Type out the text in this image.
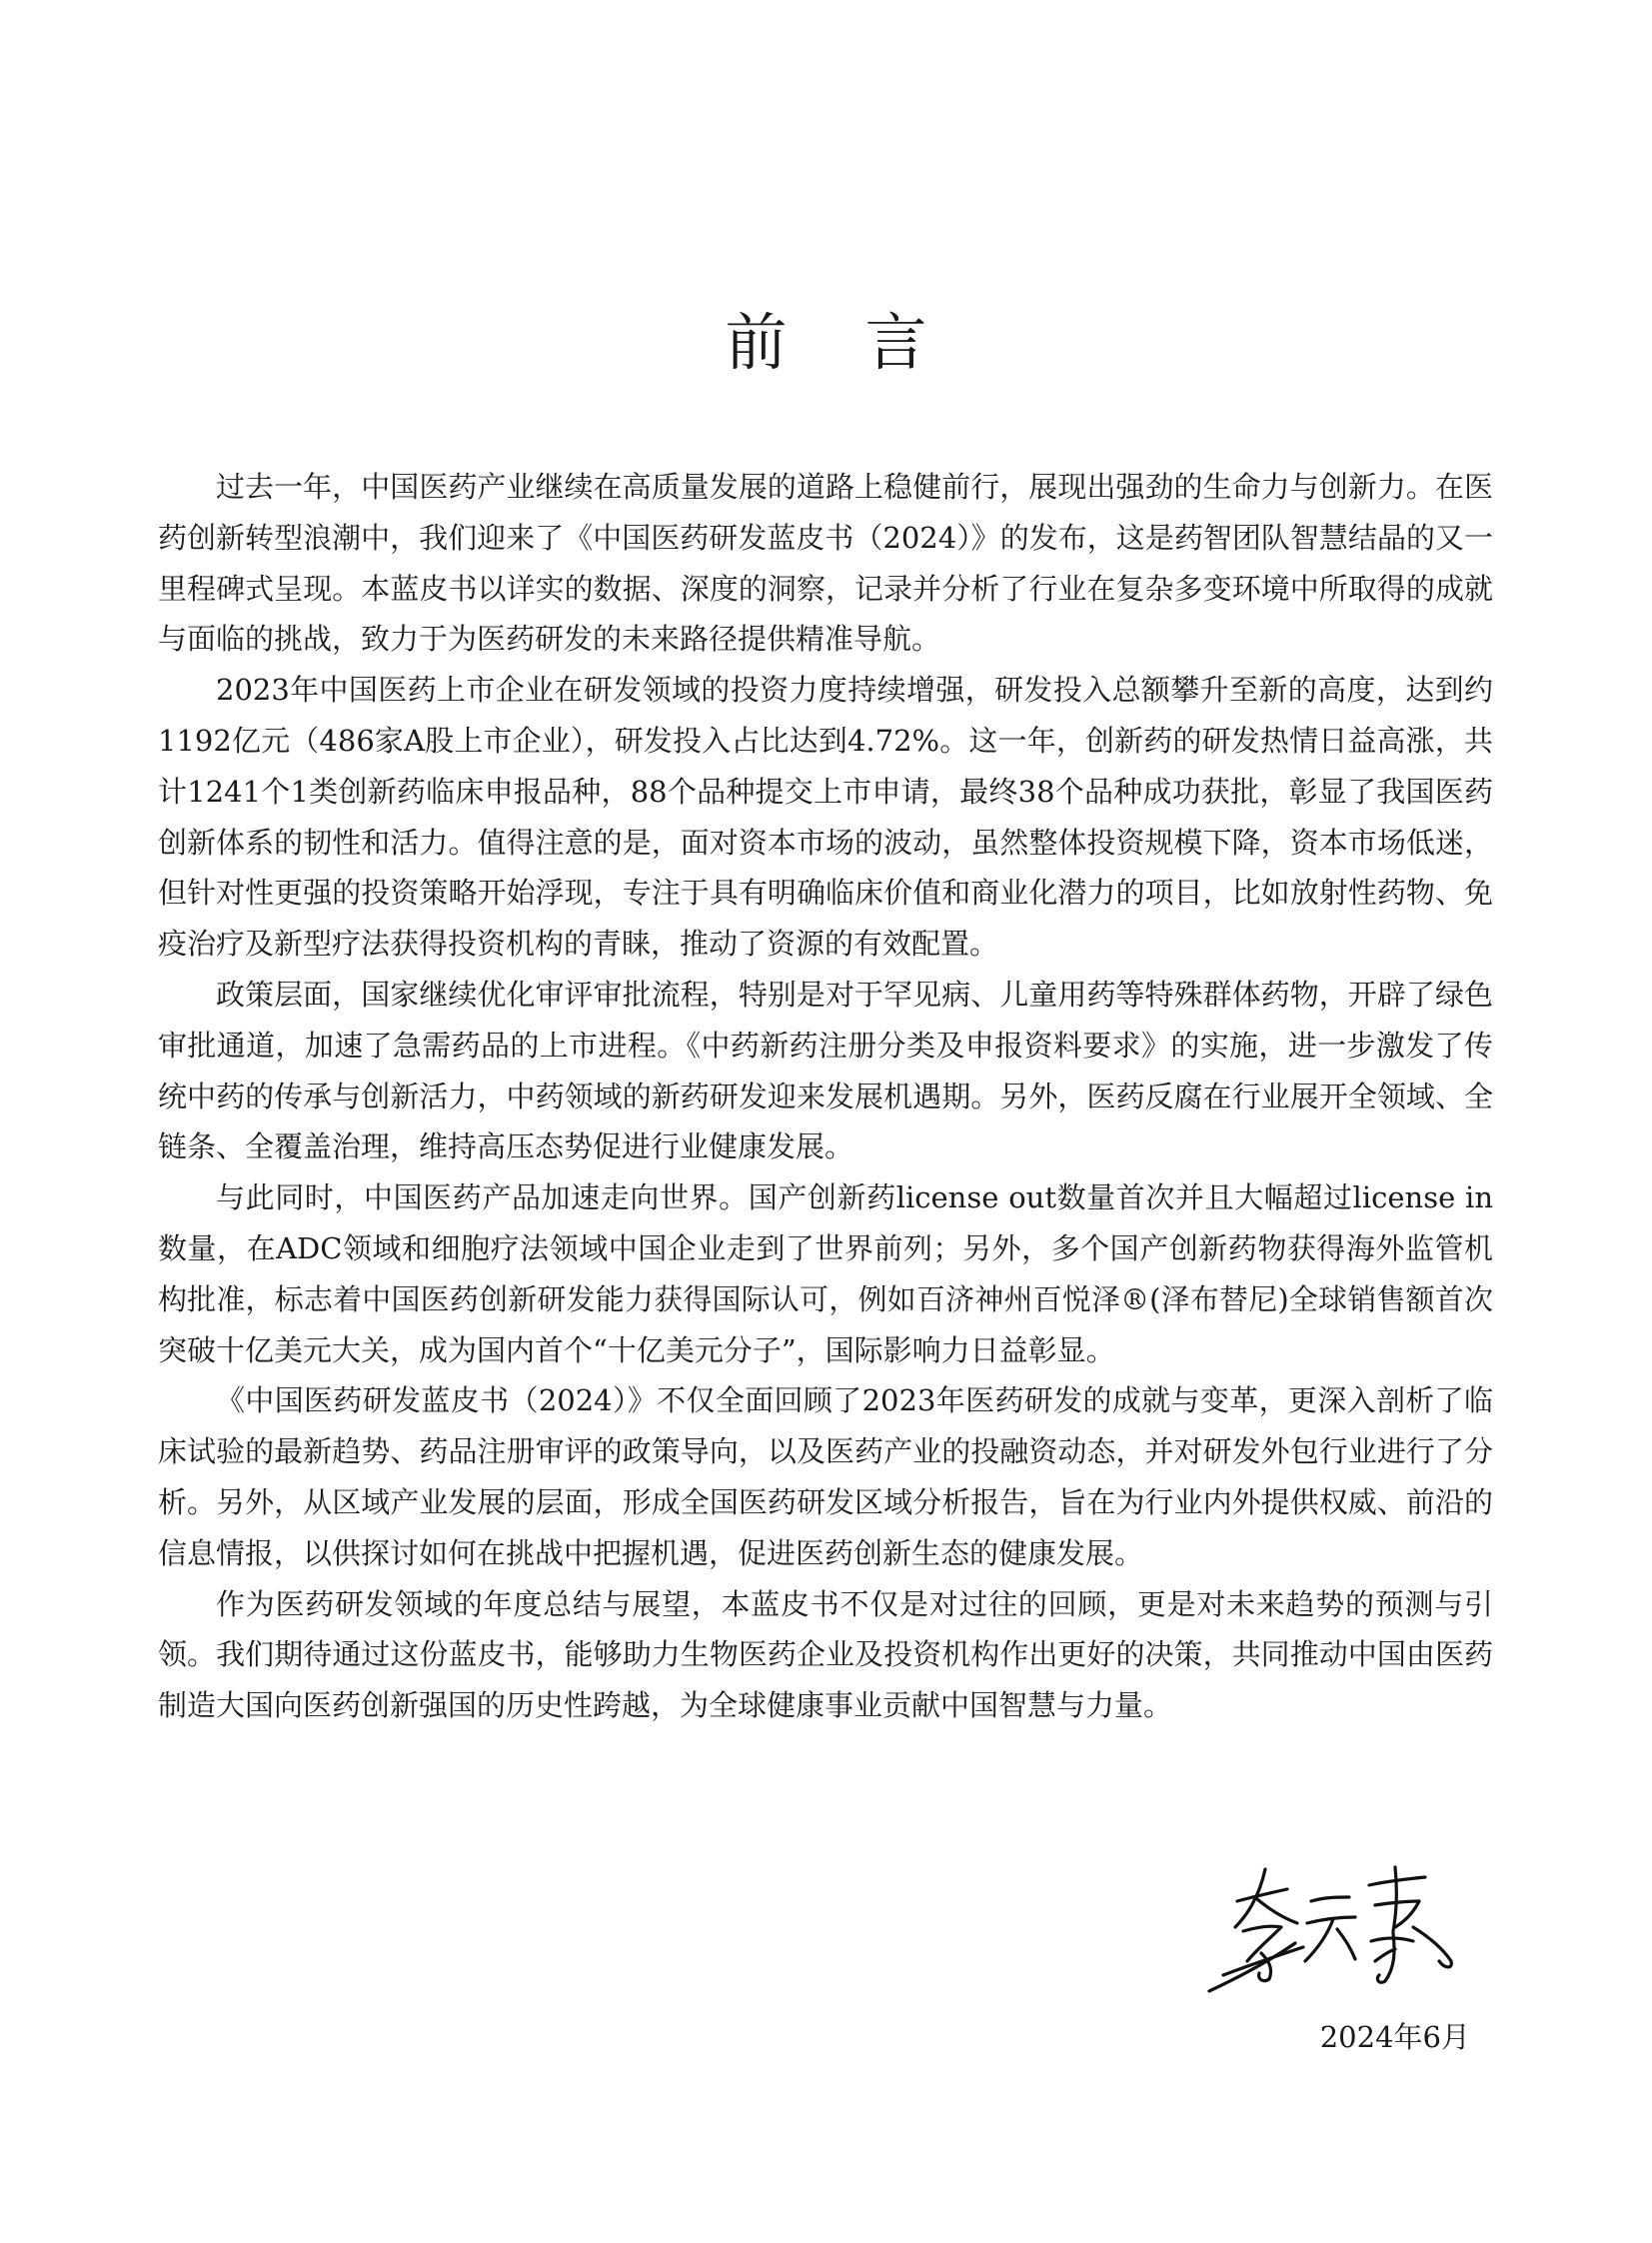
前言

过去一年，中国医药产业继续在高质量发展的道路上稳健前行，展现出强劲的生命力与创新力。在医药创新转型浪潮中，我们迎来了《中国医药研发蓝皮书（2024）》的发布，这是药智团队智慧结晶的又一里程碑式呈现。本蓝皮书以详实的数据、深度的洞察，记录并分析了行业在复杂多变环境中所取得的成就与面临的挑战，致力于为医药研发的未来路径提供精准导航。

2023年中国医药上市企业在研发领域的投资力度持续增强，研发投入总额攀升至新的高度，达到约1192亿元（486家A股上市企业），研发投入占比达到4.72%。这一年，创新药的研发热情日益高涨，共计1241个1类创新药临床申报品种，88个品种提交上市申请，最终38个品种成功获批，彰显了我国医药创新体系的韧性和活力。值得注意的是，面对资本市场的波动，虽然整体投资规模下降，资本市场低迷，但针对性更强的投资策略开始浮现，专注于具有明确临床价值和商业化潜力的项目，比如放射性药物、免疫治疗及新型疗法获得投资机构的青睐，推动了资源的有效配置。

政策层面，国家继续优化审评审批流程，特别是对于罕见病、儿童用药等特殊群体药物，开辟了绿色审批通道，加速了急需药品的上市进程。《中药新药注册分类及申报资料要求》的实施，进一步激发了传统中药的传承与创新活力，中药领域的新药研发迎来发展机遇期。另外，医药反腐在行业展开全领域、全链条、全覆盖治理，维持高压态势促进行业健康发展。

与此同时，中国医药产品加速走向世界。国产创新药license out数量首次并且大幅超过license in数量，在ADC领域和细胞疗法领域中国企业走到了世界前列；另外，多个国产创新药物获得海外监管机构批准，标志着中国医药创新研发能力获得国际认可，例如百济神州百悦泽®(泽布替尼)全球销售额首次突破十亿美元大关，成为国内首个“十亿美元分子”，国际影响力日益彰显。

《中国医药研发蓝皮书（2024）》不仅全面回顾了2023年医药研发的成就与变革，更深入剖析了临床试验的最新趋势、药品注册审评的政策导向，以及医药产业的投融资动态，并对研发外包行业进行了分析。另外，从区域产业发展的层面，形成全国医药研发区域分析报告，旨在为行业内外提供权威、前沿的信息情报，以供探讨如何在挑战中把握机遇，促进医药创新生态的健康发展。

作为医药研发领域的年度总结与展望，本蓝皮书不仅是对过往的回顾，更是对未来趋势的预测与引领。我们期待通过这份蓝皮书，能够助力生物医药企业及投资机构作出更好的决策，共同推动中国由医药制造大国向医药创新强国的历史性跨越，为全球健康事业贡献中国智慧与力量。

2024年6月
